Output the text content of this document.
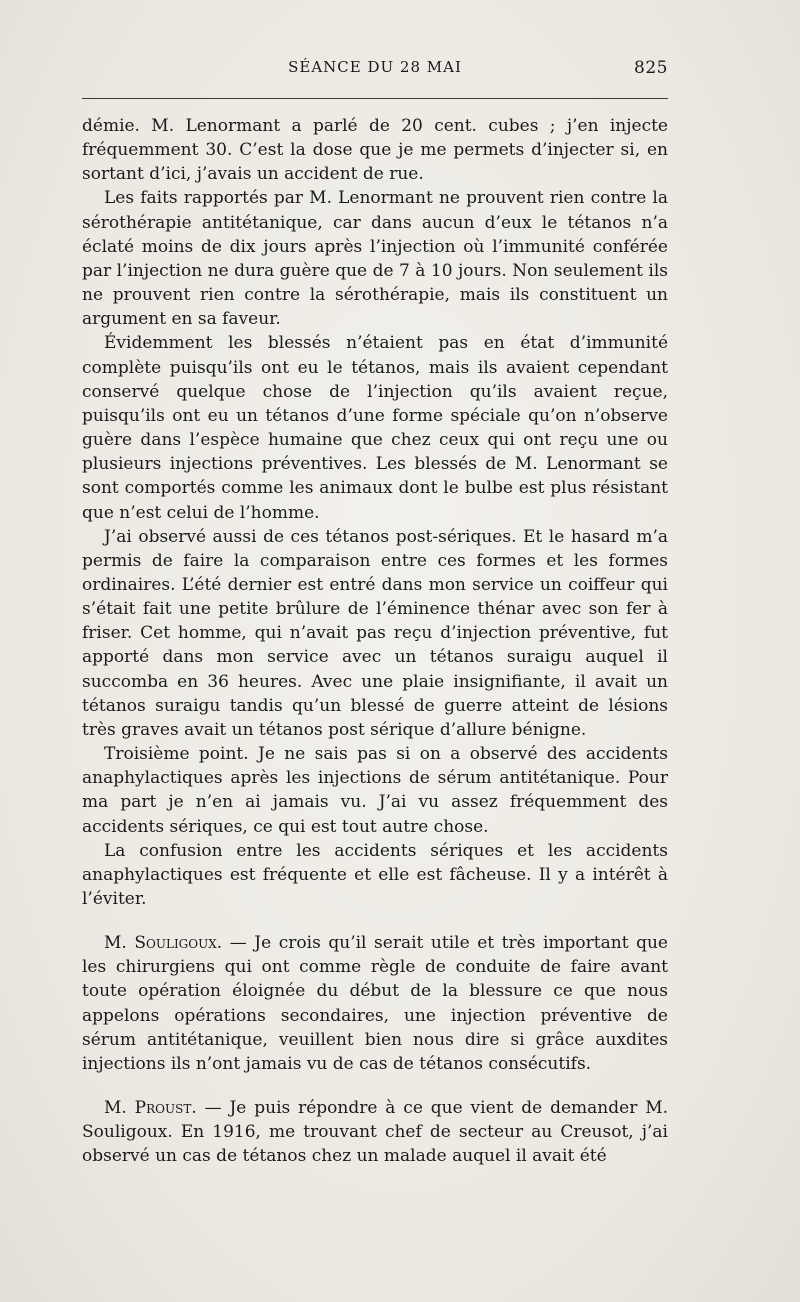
SÉANCE DU 28 MAI	825

démie. M. Lenormant a parlé de 20 cent. cubes ; j’en injecte fréquemment 30. C’est la dose que je me permets d’injecter si, en sortant d’ici, j’avais un accident de rue.

Les faits rapportés par M. Lenormant ne prouvent rien contre la sérothérapie antitétanique, car dans aucun d’eux le tétanos n’a éclaté moins de dix jours après l’injection où l’immunité conférée par l’injection ne dura guère que de 7 à 10 jours. Non seulement ils ne prouvent rien contre la sérothérapie, mais ils constituent un argument en sa faveur.

Évidemment les blessés n’étaient pas en état d’immunité complète puisqu’ils ont eu le tétanos, mais ils avaient cependant conservé quelque chose de l’injection qu’ils avaient reçue, puisqu’ils ont eu un tétanos d’une forme spéciale qu’on n’observe guère dans l’espèce humaine que chez ceux qui ont reçu une ou plusieurs injections préventives. Les blessés de M. Lenormant se sont comportés comme les animaux dont le bulbe est plus résistant que n’est celui de l’homme.

J’ai observé aussi de ces tétanos post-sériques. Et le hasard m’a permis de faire la comparaison entre ces formes et les formes ordinaires. L’été dernier est entré dans mon service un coiffeur qui s’était fait une petite brûlure de l’éminence thénar avec son fer à friser. Cet homme, qui n’avait pas reçu d’injection préventive, fut apporté dans mon service avec un tétanos suraigu auquel il succomba en 36 heures. Avec une plaie insignifiante, il avait un tétanos suraigu tandis qu’un blessé de guerre atteint de lésions très graves avait un tétanos post sérique d’allure bénigne.

Troisième point. Je ne sais pas si on a observé des accidents anaphylactiques après les injections de sérum antitétanique. Pour ma part je n’en ai jamais vu. J’ai vu assez fréquemment des accidents sériques, ce qui est tout autre chose.

La confusion entre les accidents sériques et les accidents anaphylactiques est fréquente et elle est fâcheuse. Il y a intérêt à l’éviter.

M. Souligoux. — Je crois qu’il serait utile et très important que les chirurgiens qui ont comme règle de conduite de faire avant toute opération éloignée du début de la blessure ce que nous appelons opérations secondaires, une injection préventive de sérum antitétanique, veuillent bien nous dire si grâce auxdites injections ils n’ont jamais vu de cas de tétanos consécutifs.

M. Proust. — Je puis répondre à ce que vient de demander M. Souligoux. En 1916, me trouvant chef de secteur au Creusot, j’ai observé un cas de tétanos chez un malade auquel il avait été
